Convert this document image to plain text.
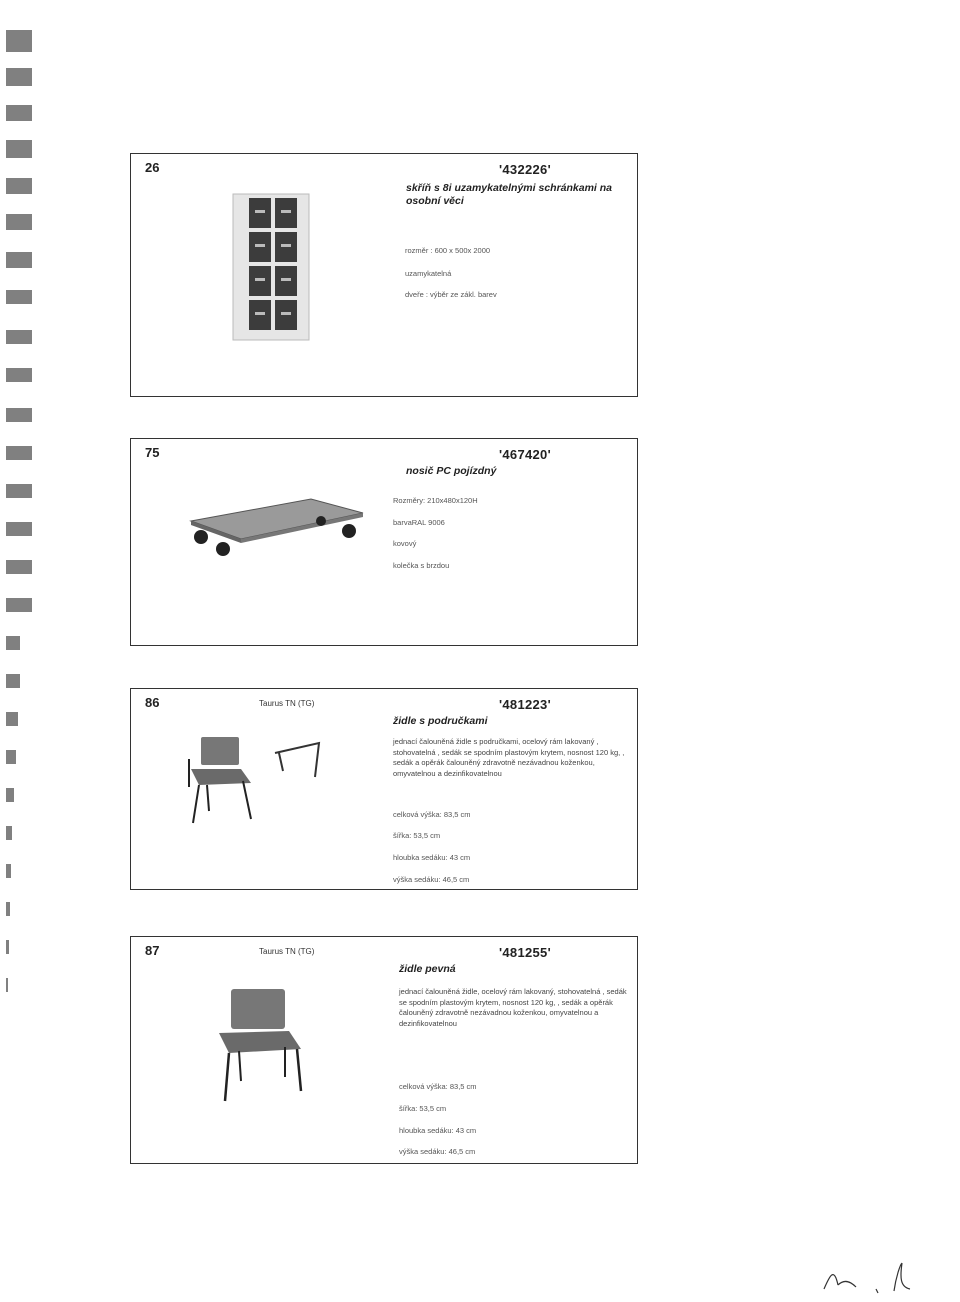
26	'432226'
skříň s 8i uzamykatelnými schránkami na osobní věci
rozměr : 600 x 500x 2000
uzamykatelná
dveře : výběr ze zákl. barev
75	'467420'
nosič PC pojízdný
Rozměry: 210x480x120H
barvaRAL 9006
kovový
kolečka s brzdou
86	Taurus TN (TG)	'481223'
židle s područkami
jednací čalouněná židle s područkami, ocelový rám lakovaný , stohovatelná , sedák se spodním plastovým krytem, nosnost 120 kg, , sedák a opěrák čalouněný zdravotně nezávadnou koženkou, omyvatelnou a dezinfikovatelnou
celková výška: 83,5 cm
šířka: 53,5 cm
hloubka sedáku: 43 cm
výška sedáku: 46,5 cm
87	Taurus TN (TG)	'481255'
židle pevná
jednací čalouněná židle, ocelový rám lakovaný, stohovatelná , sedák se spodním plastovým krytem, nosnost 120 kg, , sedák a opěrák čalouněný zdravotně nezávadnou koženkou, omyvatelnou a dezinfikovatelnou
celková výška: 83,5 cm
šířka: 53,5 cm
hloubka sedáku: 43 cm
výška sedáku: 46,5 cm
